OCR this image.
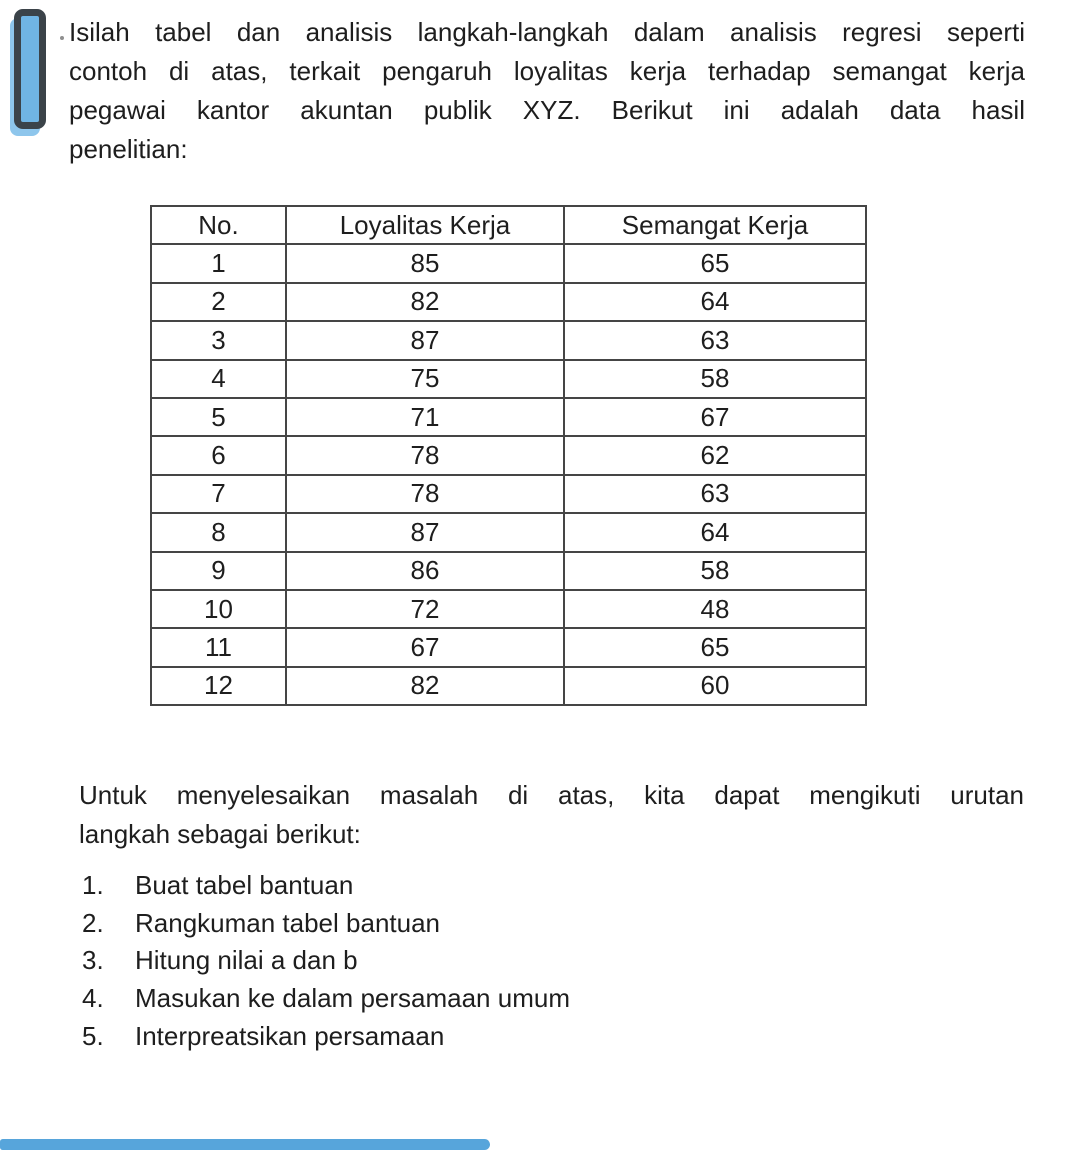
Isilah tabel dan analisis langkah-langkah dalam analisis regresi seperti
contoh di atas, terkait pengaruh loyalitas kerja terhadap semangat kerja
pegawai kantor akuntan publik XYZ. Berikut ini adalah data hasil
penelitian:
No.	Loyalitas Kerja	Semangat Kerja
1	85	65
2	82	64
3	87	63
4	75	58
5	71	67
6	78	62
7	78	63
8	87	64
9	86	58
10	72	48
11	67	65
12	82	60
Untuk menyelesaikan masalah di atas, kita dapat mengikuti urutan
langkah sebagai berikut:
1.	Buat tabel bantuan
2.	Rangkuman tabel bantuan
3.	Hitung nilai a dan b
4.	Masukan ke dalam persamaan umum
5.	Interpreatsikan persamaan
